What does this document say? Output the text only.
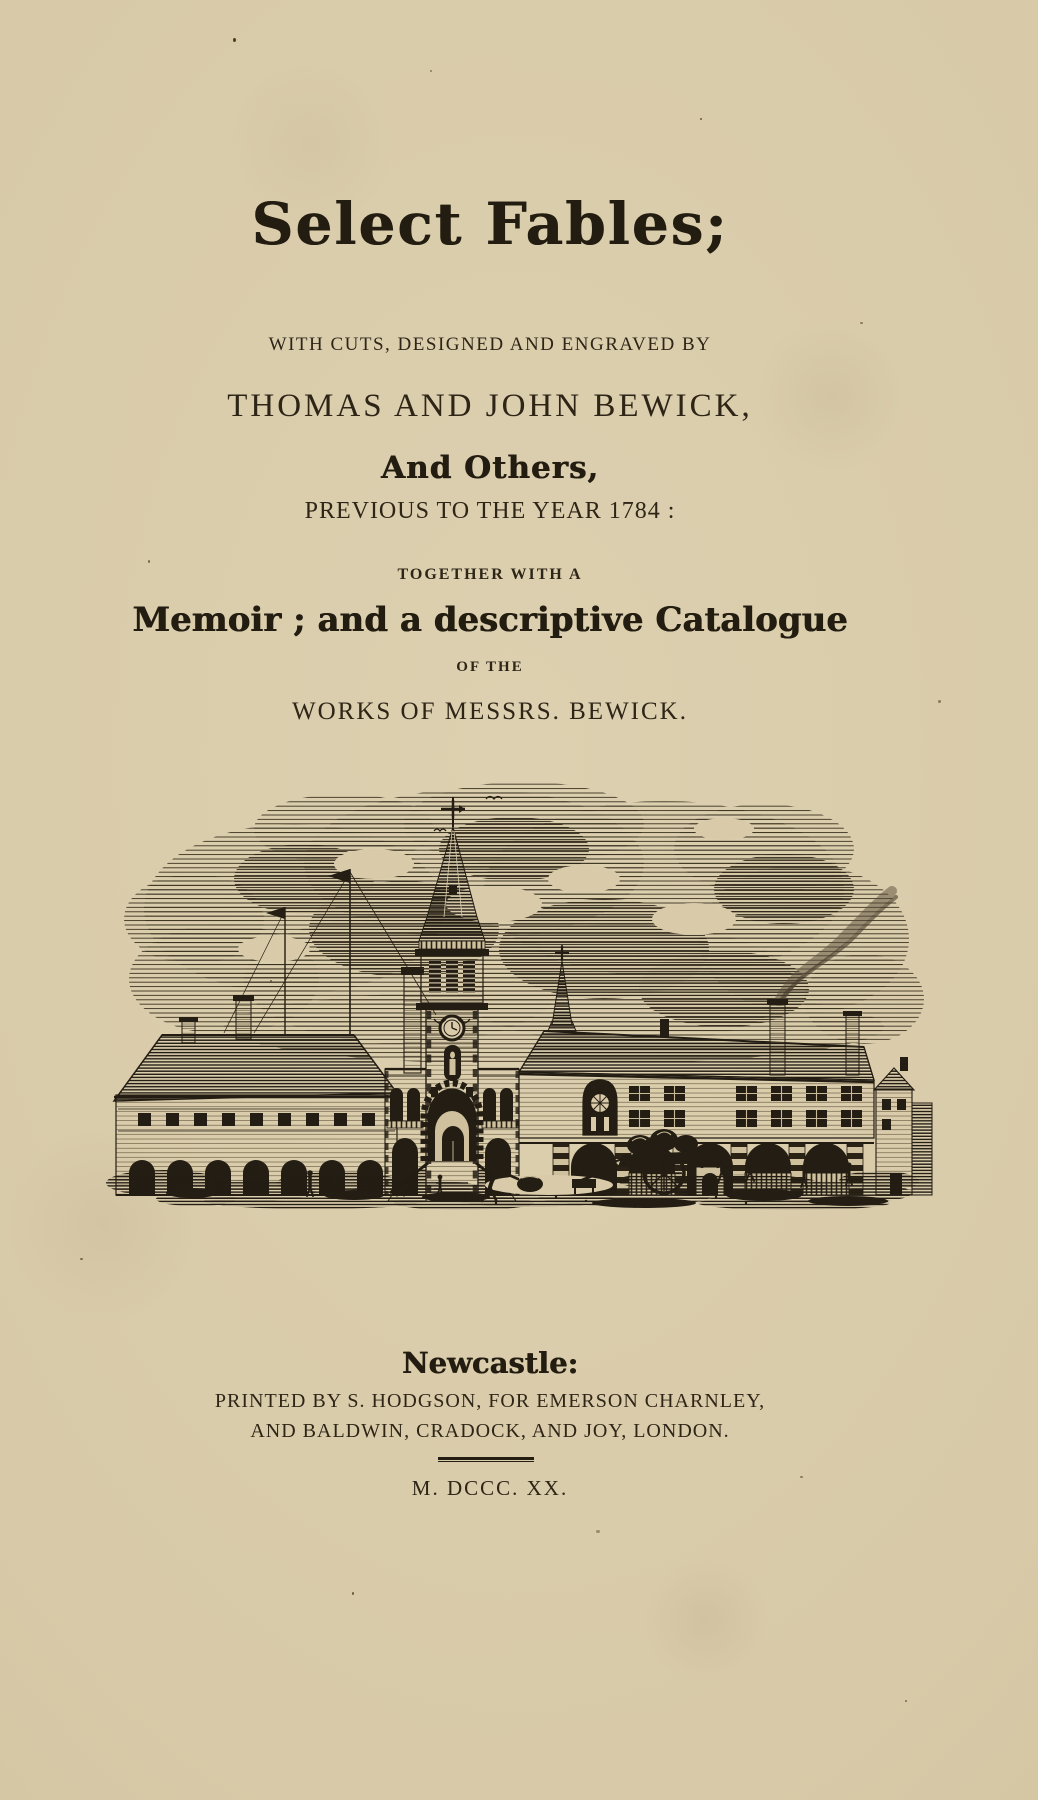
Select Fables;
WITH CUTS, DESIGNED AND ENGRAVED BY
THOMAS AND JOHN BEWICK,
And Others,
PREVIOUS TO THE YEAR 1784 :
TOGETHER WITH A
Memoir ; and a descriptive Catalogue
OF THE
WORKS OF MESSRS. BEWICK.
Newcastle:
PRINTED BY S. HODGSON, FOR EMERSON CHARNLEY,
AND BALDWIN, CRADOCK, AND JOY, LONDON.
M. DCCC. XX.
